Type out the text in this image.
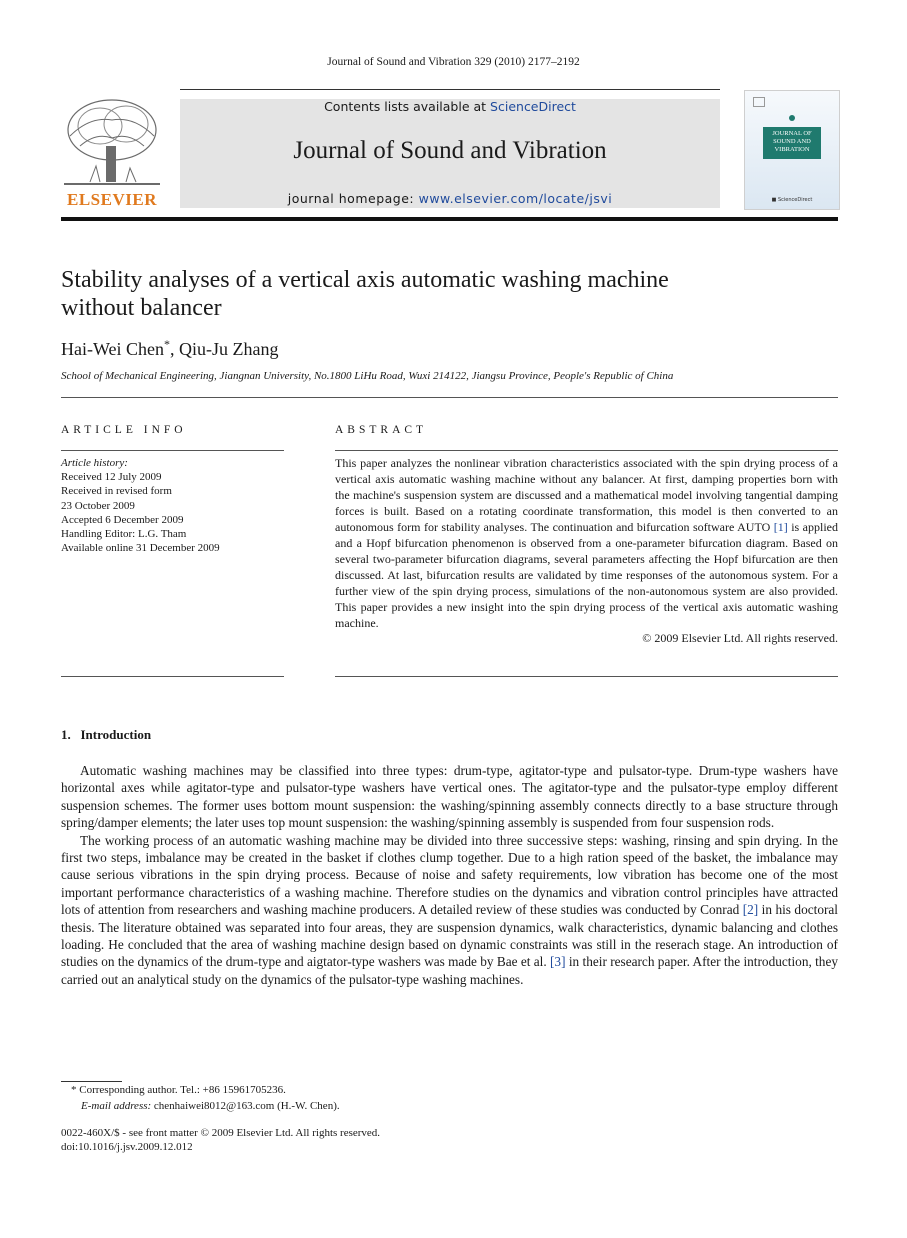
Journal of Sound and Vibration 329 (2010) 2177–2192
ELSEVIER
Contents lists available at ScienceDirect
Journal of Sound and Vibration
journal homepage: www.elsevier.com/locate/jsvi
JOURNAL OF SOUND AND VIBRATION
■ ScienceDirect
Stability analyses of a vertical axis automatic washing machine
without balancer
Hai-Wei Chen*, Qiu-Ju Zhang
School of Mechanical Engineering, Jiangnan University, No.1800 LiHu Road, Wuxi 214122, Jiangsu Province, People's Republic of China
ARTICLE INFO
Article history:
Received 12 July 2009
Received in revised form
23 October 2009
Accepted 6 December 2009
Handling Editor: L.G. Tham
Available online 31 December 2009
ABSTRACT
This paper analyzes the nonlinear vibration characteristics associated with the spin drying process of a vertical axis automatic washing machine without any balancer. At first, damping properties born with the machine's suspension system are discussed and a mathematical model involving tangential damping forces is built. Based on a rotating coordinate transformation, this model is then converted to an autonomous form for stability analyses. The continuation and bifurcation software AUTO [1] is applied and a Hopf bifurcation phenomenon is observed from a one-parameter bifurcation diagram. Based on several two-parameter bifurcation diagrams, several parameters affecting the Hopf bifurcation are then discussed. At last, bifurcation results are validated by time responses of the autonomous system. For a further view of the spin drying process, simulations of the non-autonomous system are also provided. This paper provides a new insight into the spin drying process of the vertical axis automatic washing machine.
© 2009 Elsevier Ltd. All rights reserved.
1.  Introduction

Automatic washing machines may be classified into three types: drum-type, agitator-type and pulsator-type. Drum-type washers have horizontal axes while agitator-type and pulsator-type washers have vertical ones. The agitator-type and the pulsator-type employ different suspension schemes. The former uses bottom mount suspension: the washing/spinning assembly connects directly to a base structure through spring/damper elements; the later uses top mount suspension: the washing/spinning assembly is suspended from four suspension rods.

The working process of an automatic washing machine may be divided into three successive steps: washing, rinsing and spin drying. In the first two steps, imbalance may be created in the basket if clothes clump together. Due to a high ration speed of the basket, the imbalance may cause serious vibrations in the spin drying process. Because of noise and safety requirements, low vibration has become one of the most important performance characteristics of a washing machine. Therefore studies on the dynamics and vibration control principles have attracted lots of attention from researchers and washing machine producers. A detailed review of these studies was conducted by Conrad [2] in his doctoral thesis. The literature obtained was separated into four areas, they are suspension dynamics, walk characteristics, dynamic balancing and clothes loading. He concluded that the area of washing machine design based on dynamic constraints was still in the reserach stage. An introduction of studies on the dynamics of the drum-type and aigtator-type washers was made by Bae et al. [3] in their research paper. After the introduction, they carried out an analytical study on the dynamics of the pulsator-type washing machines.

* Corresponding author. Tel.: +86 15961705236.
E-mail address: chenhaiwei8012@163.com (H.-W. Chen).
0022-460X/$ - see front matter © 2009 Elsevier Ltd. All rights reserved.
doi:10.1016/j.jsv.2009.12.012
